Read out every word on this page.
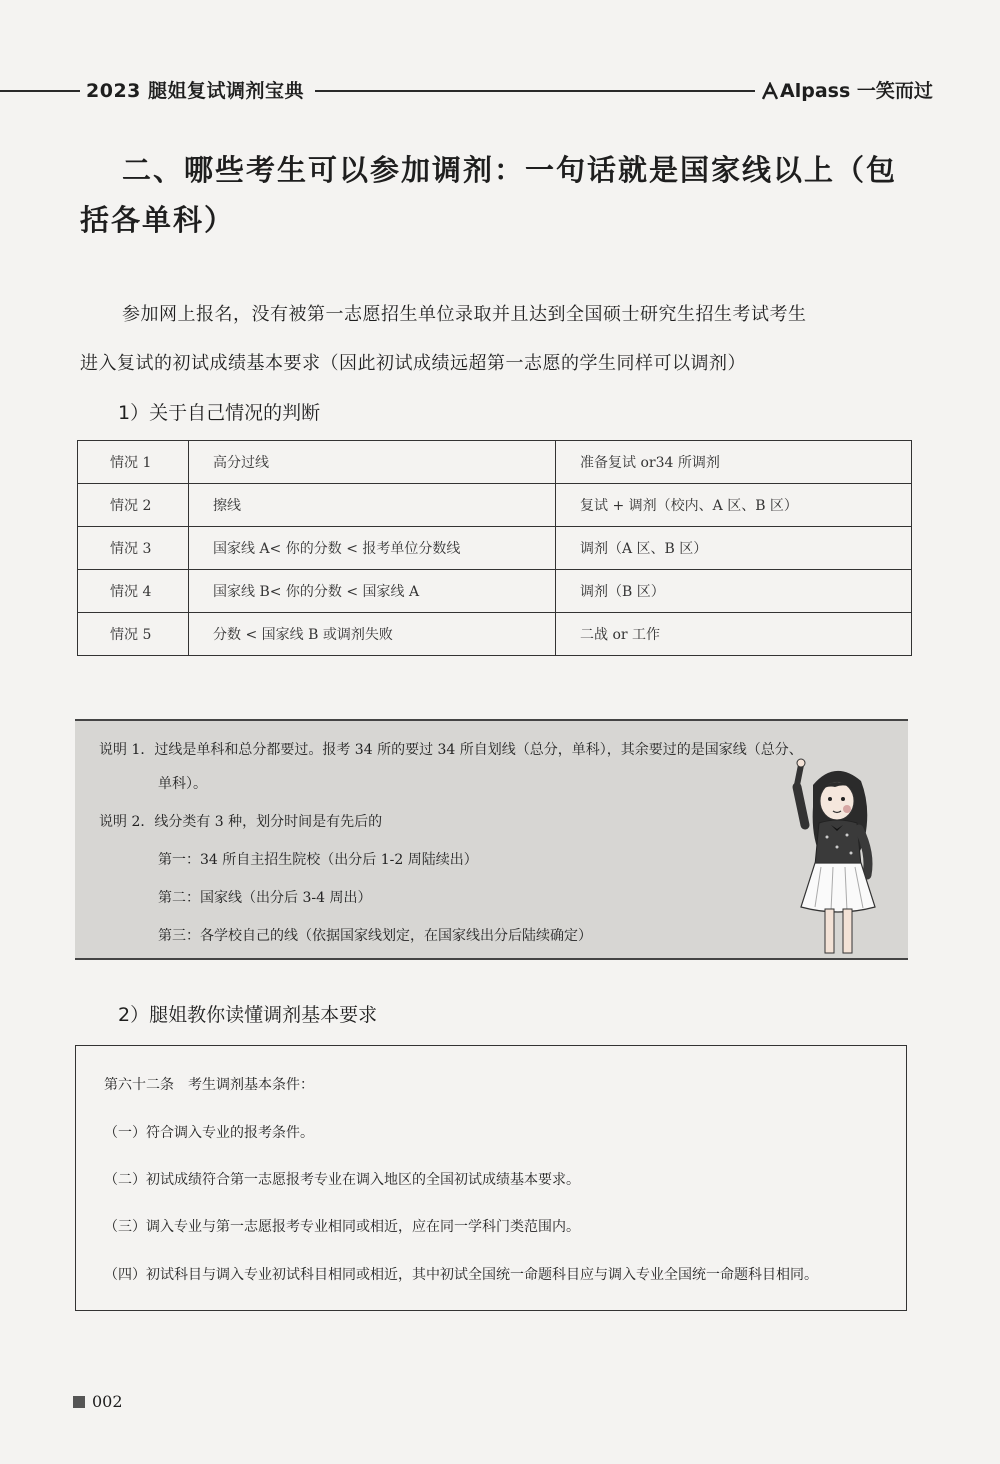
2023 腿姐复试调剂宝典	Alpass 一笑而过
二、哪些考生可以参加调剂：一句话就是国家线以上（包
括各单科）
参加网上报名，没有被第一志愿招生单位录取并且达到全国硕士研究生招生考试考生
进入复试的初试成绩基本要求（因此初试成绩远超第一志愿的学生同样可以调剂）
1）关于自己情况的判断
情况 1	高分过线	准备复试 or34 所调剂
情况 2	擦线	复试 + 调剂（校内、A 区、B 区）
情况 3	国家线 A< 你的分数 < 报考单位分数线	调剂（A 区、B 区）
情况 4	国家线 B< 你的分数 < 国家线 A	调剂（B 区）
情况 5	分数 < 国家线 B 或调剂失败	二战 or 工作
说明 1．过线是单科和总分都要过。报考 34 所的要过 34 所自划线（总分，单科），其余要过的是国家线（总分、
单科）。
说明 2．线分类有 3 种，划分时间是有先后的
第一：34 所自主招生院校（出分后 1-2 周陆续出）
第二：国家线（出分后 3-4 周出）
第三：各学校自己的线（依据国家线划定，在国家线出分后陆续确定）
2）腿姐教你读懂调剂基本要求
第六十二条　考生调剂基本条件：
（一）符合调入专业的报考条件。
（二）初试成绩符合第一志愿报考专业在调入地区的全国初试成绩基本要求。
（三）调入专业与第一志愿报考专业相同或相近，应在同一学科门类范围内。
（四）初试科目与调入专业初试科目相同或相近，其中初试全国统一命题科目应与调入专业全国统一命题科目相同。
002
